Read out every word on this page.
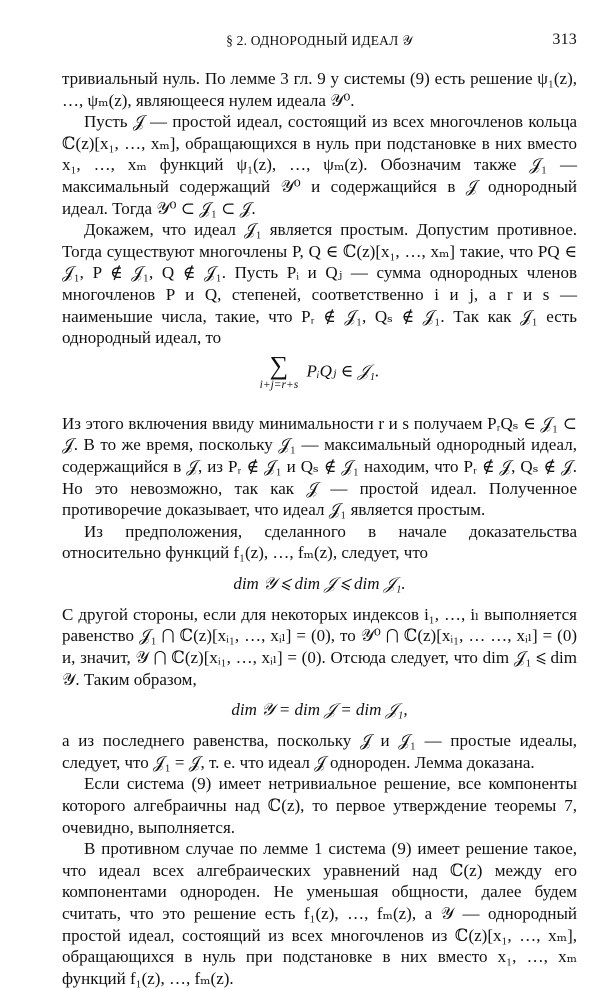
§ 2. ОДНОРОДНЫЙ ИДЕАЛ 𝒴	313

тривиальный нуль. По лемме 3 гл. 9 у системы (9) есть решение ψ₁(z), …, ψₘ(z), являющееся нулем идеала 𝒴⁰.

Пусть 𝒥 — простой идеал, состоящий из всех многочленов кольца ℂ(z)[x₁, …, xₘ], обращающихся в нуль при подстановке в них вместо x₁, …, xₘ функций ψ₁(z), …, ψₘ(z). Обозначим также 𝒥₁ — максимальный содержащий 𝒴⁰ и содержащийся в 𝒥 однородный идеал. Тогда 𝒴⁰ ⊂ 𝒥₁ ⊂ 𝒥.

Докажем, что идеал 𝒥₁ является простым. Допустим противное. Тогда существуют многочлены P, Q ∈ ℂ(z)[x₁, …, xₘ] такие, что PQ ∈ 𝒥₁, P ∉ 𝒥₁, Q ∉ 𝒥₁. Пусть Pᵢ и Qⱼ — сумма однородных членов многочленов P и Q, степеней, соответственно i и j, а r и s — наименьшие числа, такие, что Pᵣ ∉ 𝒥₁, Qₛ ∉ 𝒥₁. Так как 𝒥₁ есть однородный идеал, то

∑
i+j=r+s
PᵢQⱼ ∈ 𝒥₁.

Из этого включения ввиду минимальности r и s получаем PᵣQₛ ∈ 𝒥₁ ⊂ 𝒥. В то же время, поскольку 𝒥₁ — максимальный однородный идеал, содержащийся в 𝒥, из Pᵣ ∉ 𝒥₁ и Qₛ ∉ 𝒥₁ находим, что Pᵣ ∉ 𝒥, Qₛ ∉ 𝒥. Но это невозможно, так как 𝒥 — простой идеал. Полученное противоречие доказывает, что идеал 𝒥₁ является простым.

Из предположения, сделанного в начале доказательства относительно функций f₁(z), …, fₘ(z), следует, что

dim 𝒴 ⩽ dim 𝒥 ⩽ dim 𝒥₁.

С другой стороны, если для некоторых индексов i₁, …, iₗ выполняется равенство 𝒥₁ ⋂ ℂ(z)[xᵢ₁, …, xᵢₗ] = (0), то 𝒴⁰ ⋂ ℂ(z)[xᵢ₁, … …, xᵢₗ] = (0) и, значит, 𝒴 ⋂ ℂ(z)[xᵢ₁, …, xᵢₗ] = (0). Отсюда следует, что dim 𝒥₁ ⩽ dim 𝒴. Таким образом,

dim 𝒴 = dim 𝒥 = dim 𝒥₁,

а из последнего равенства, поскольку 𝒥 и 𝒥₁ — простые идеалы, следует, что 𝒥₁ = 𝒥, т. е. что идеал 𝒥 однороден. Лемма доказана.

Если система (9) имеет нетривиальное решение, все компоненты которого алгебраичны над ℂ(z), то первое утверждение теоремы 7, очевидно, выполняется.

В противном случае по лемме 1 система (9) имеет решение такое, что идеал всех алгебраических уравнений над ℂ(z) между его компонентами однороден. Не уменьшая общности, далее будем считать, что это решение есть f₁(z), …, fₘ(z), а 𝒴 — однородный простой идеал, состоящий из всех многочленов из ℂ(z)[x₁, …, xₘ], обращающихся в нуль при подстановке в них вместо x₁, …, xₘ функций f₁(z), …, fₘ(z).
